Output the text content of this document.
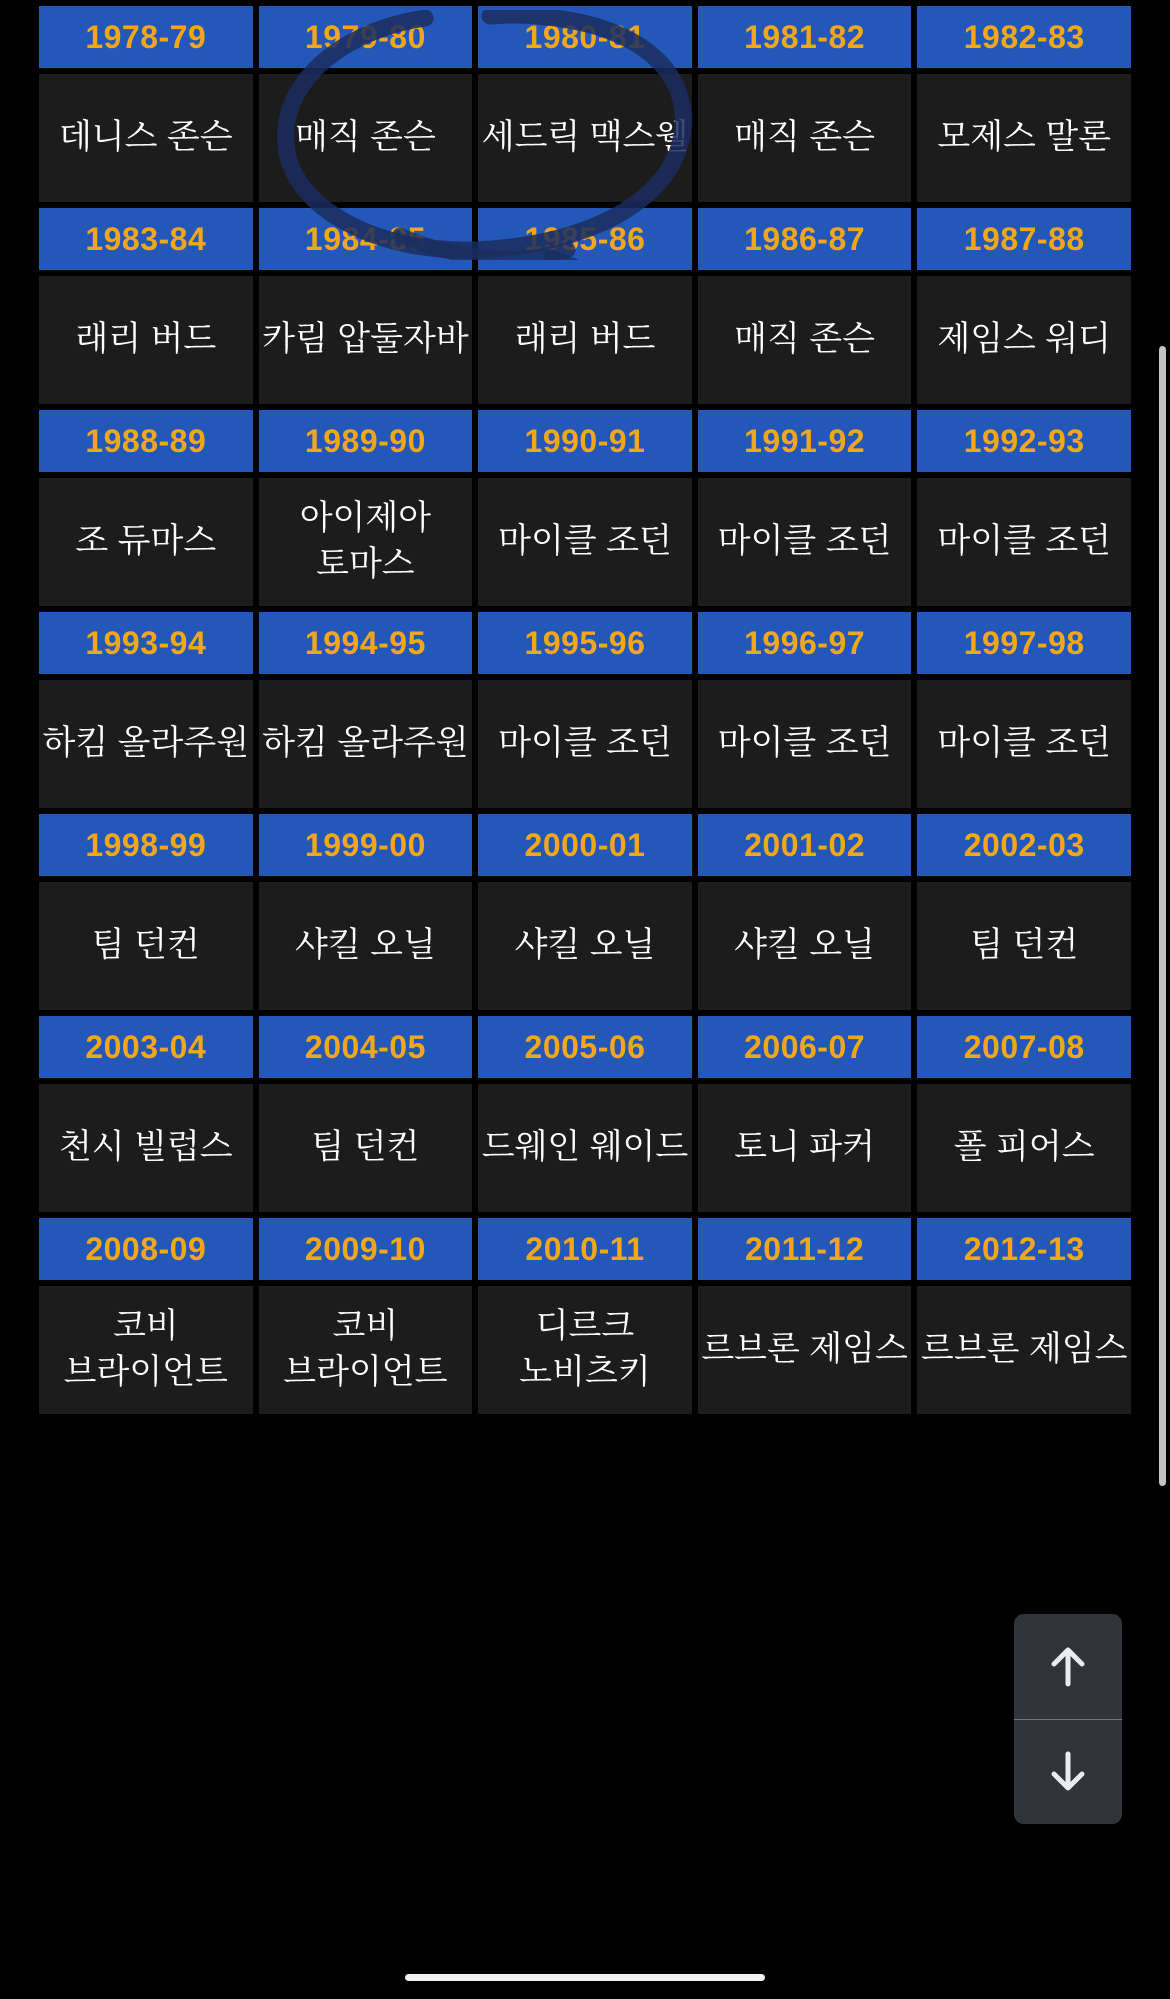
1978-79	1979-80	1980-81	1981-82	1982-83

데니스 존슨	매직 존슨	세드릭 맥스웰	매직 존슨	모제스 말론

1983-84	1984-85	1985-86	1986-87	1987-88

래리 버드	카림 압둘자바	래리 버드	매직 존슨	제임스 워디

1988-89	1989-90	1990-91	1991-92	1992-93

조 듀마스	아이제아 토마스	마이클 조던	마이클 조던	마이클 조던

1993-94	1994-95	1995-96	1996-97	1997-98

하킴 올라주원	하킴 올라주원	마이클 조던	마이클 조던	마이클 조던

1998-99	1999-00	2000-01	2001-02	2002-03

팀 던컨	샤킬 오닐	샤킬 오닐	샤킬 오닐	팀 던컨

2003-04	2004-05	2005-06	2006-07	2007-08

천시 빌럽스	팀 던컨	드웨인 웨이드	토니 파커	폴 피어스

2008-09	2009-10	2010-11	2011-12	2012-13

코비 브라이언트	코비 브라이언트	디르크 노비츠키	르브론 제임스	르브론 제임스
